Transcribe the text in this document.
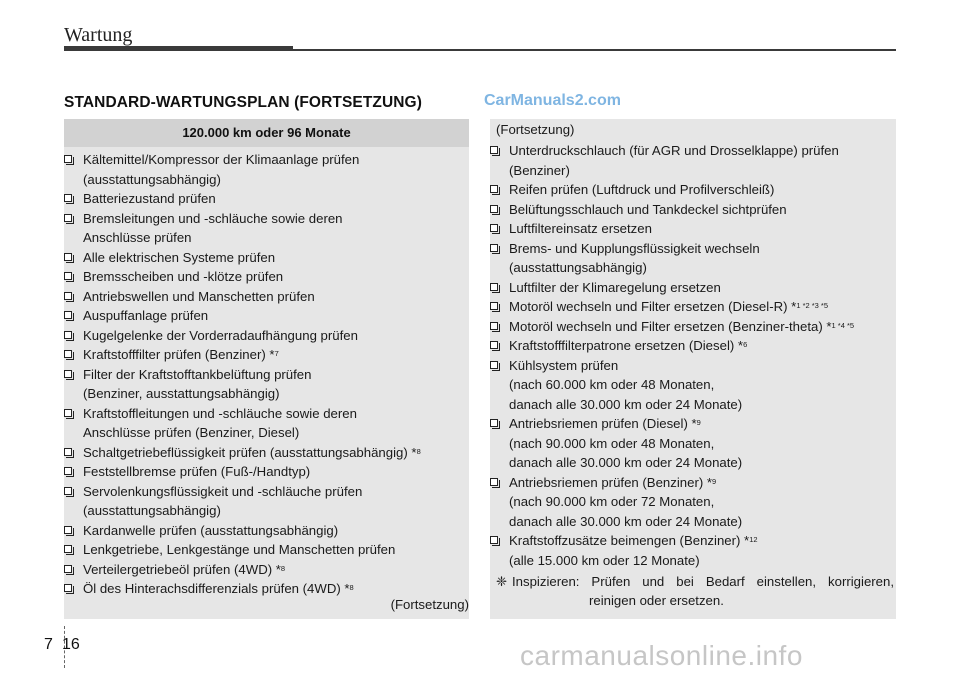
Wartung
STANDARD-WARTUNGSPLAN (FORTSETZUNG)	CarManuals2.com
120.000 km oder 96 Monate
Kältemittel/Kompressor der Klimaanlage prüfen
(ausstattungsabhängig)
Batteriezustand prüfen
Bremsleitungen und -schläuche sowie deren
Anschlüsse prüfen
Alle elektrischen Systeme prüfen
Bremsscheiben und -klötze prüfen
Antriebswellen und Manschetten prüfen
Auspuffanlage prüfen
Kugelgelenke der Vorderradaufhängung prüfen
Kraftstofffilter prüfen (Benziner) *$^7$
Filter der Kraftstofftankbelüftung prüfen
(Benziner, ausstattungsabhängig)
Kraftstoffleitungen und -schläuche sowie deren
Anschlüsse prüfen (Benziner, Diesel)
Schaltgetriebeflüssigkeit prüfen (ausstattungsabhängig) *$^8$
Feststellbremse prüfen (Fuß-/Handtyp)
Servolenkungsflüssigkeit und -schläuche prüfen
(ausstattungsabhängig)
Kardanwelle prüfen (ausstattungsabhängig)
Lenkgetriebe, Lenkgestänge und Manschetten prüfen
Verteilergetriebeöl prüfen (4WD) *$^8$
Öl des Hinterachsdifferenzials prüfen (4WD) *$^8$
(Fortsetzung)
(Fortsetzung)
Unterdruckschlauch (für AGR und Drosselklappe) prüfen
(Benziner)
Reifen prüfen (Luftdruck und Profilverschleiß)
Belüftungsschlauch und Tankdeckel sichtprüfen
Luftfiltereinsatz ersetzen
Brems- und Kupplungsflüssigkeit wechseln
(ausstattungsabhängig)
Luftfilter der Klimaregelung ersetzen
Motoröl wechseln und Filter ersetzen (Diesel-R) *$^{1 *2 *3 *5}$
Motoröl wechseln und Filter ersetzen (Benziner-theta) *$^{1 *4 *5}$
Kraftstofffilterpatrone ersetzen (Diesel) *$^6$
Kühlsystem prüfen
(nach 60.000 km oder 48 Monaten,
danach alle 30.000 km oder 24 Monate)
Antriebsriemen prüfen (Diesel) *$^9$
(nach 90.000 km oder 48 Monaten,
danach alle 30.000 km oder 24 Monate)
Antriebsriemen prüfen (Benziner) *$^9$
(nach 90.000 km oder 72 Monaten,
danach alle 30.000 km oder 24 Monate)
Kraftstoffzusätze beimengen (Benziner) *$^{12}$
(alle 15.000 km oder 12 Monate)
❈ Inspizieren: Prüfen und bei Bedarf einstellen, korrigieren,
reinigen oder ersetzen.
7 16	carmanualsonline.info
